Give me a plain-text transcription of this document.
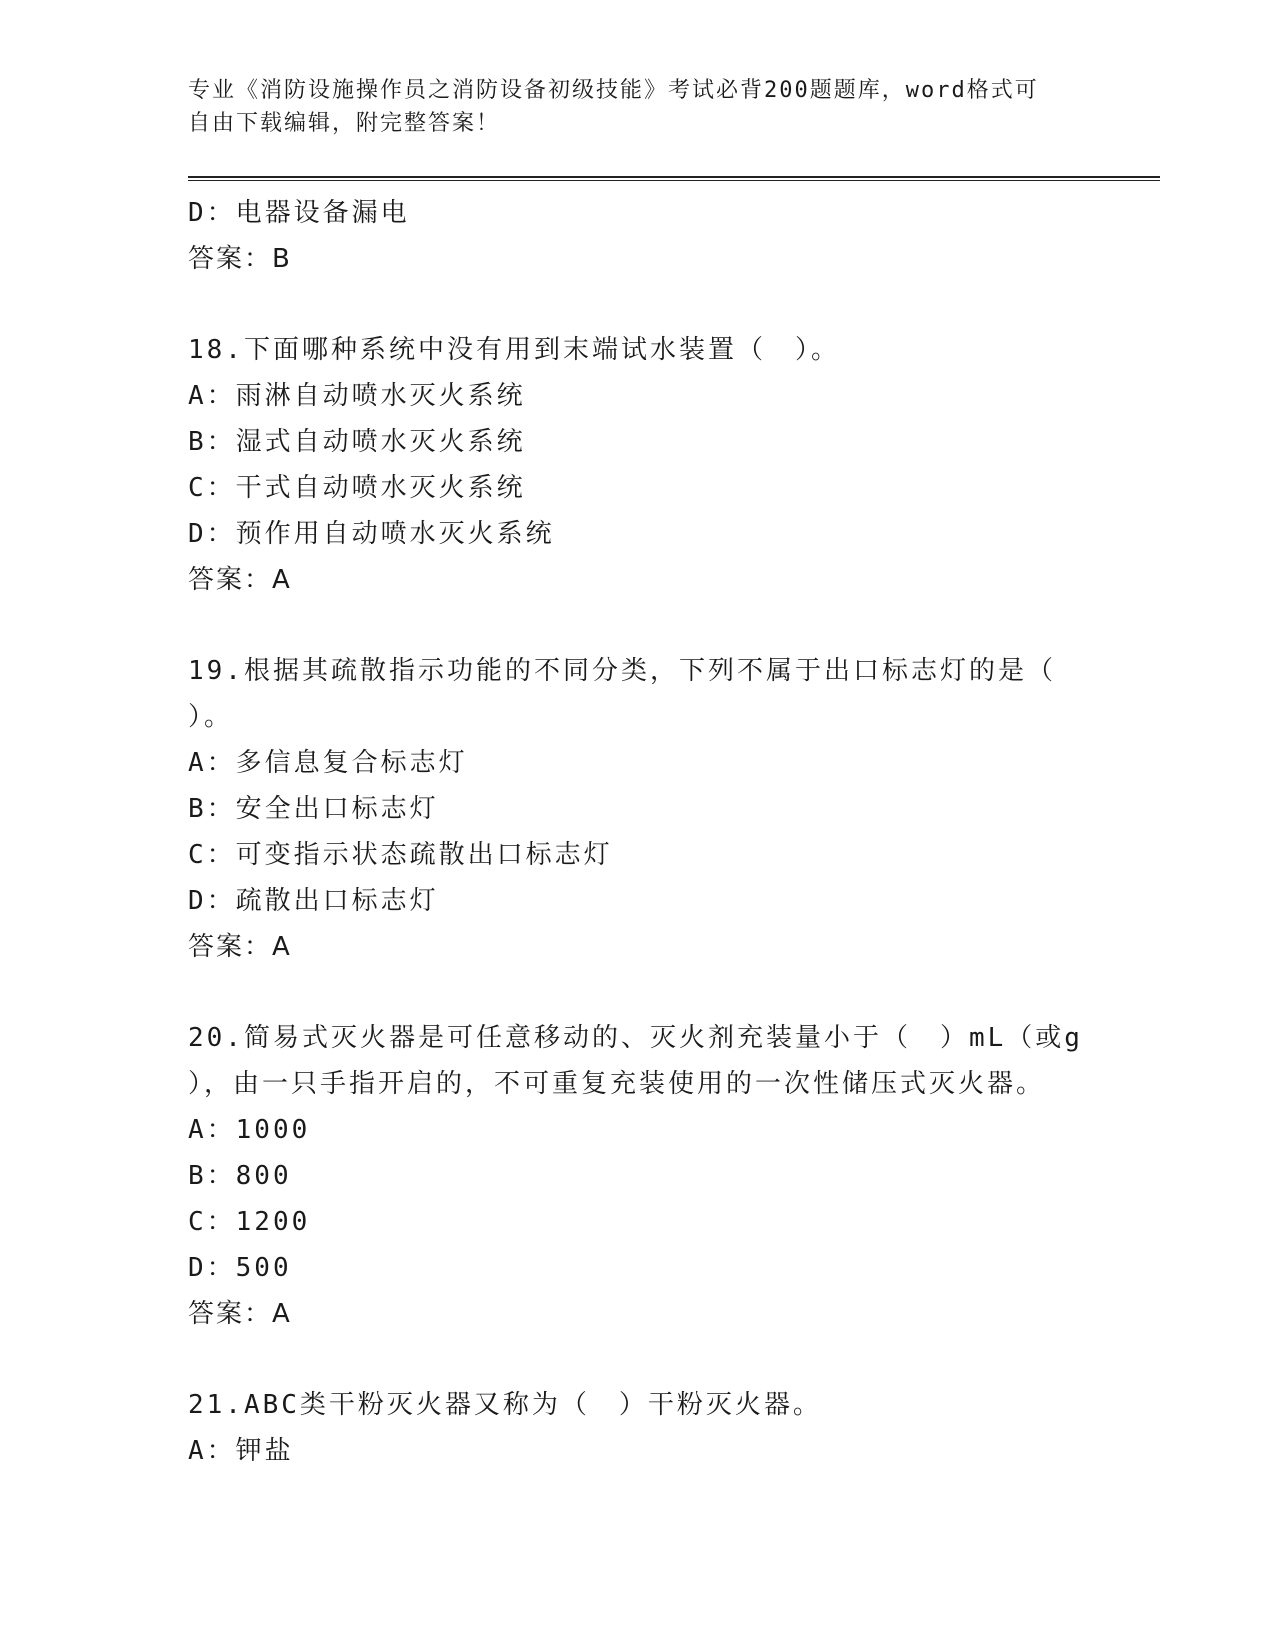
专业《消防设施操作员之消防设备初级技能》考试必背200题题库，word格式可
自由下载编辑，附完整答案！
D：电器设备漏电
答案：B
18.下面哪种系统中没有用到末端试水装置（　）。
A：雨淋自动喷水灭火系统
B：湿式自动喷水灭火系统
C：干式自动喷水灭火系统
D：预作用自动喷水灭火系统
答案：A
19.根据其疏散指示功能的不同分类，下列不属于出口标志灯的是（
）。
A：多信息复合标志灯
B：安全出口标志灯
C：可变指示状态疏散出口标志灯
D：疏散出口标志灯
答案：A
20.简易式灭火器是可任意移动的、灭火剂充装量小于（　）mL（或g
），由一只手指开启的，不可重复充装使用的一次性储压式灭火器。
A：1000
B：800
C：1200
D：500
答案：A
21.ABC类干粉灭火器又称为（　）干粉灭火器。
A：钾盐
